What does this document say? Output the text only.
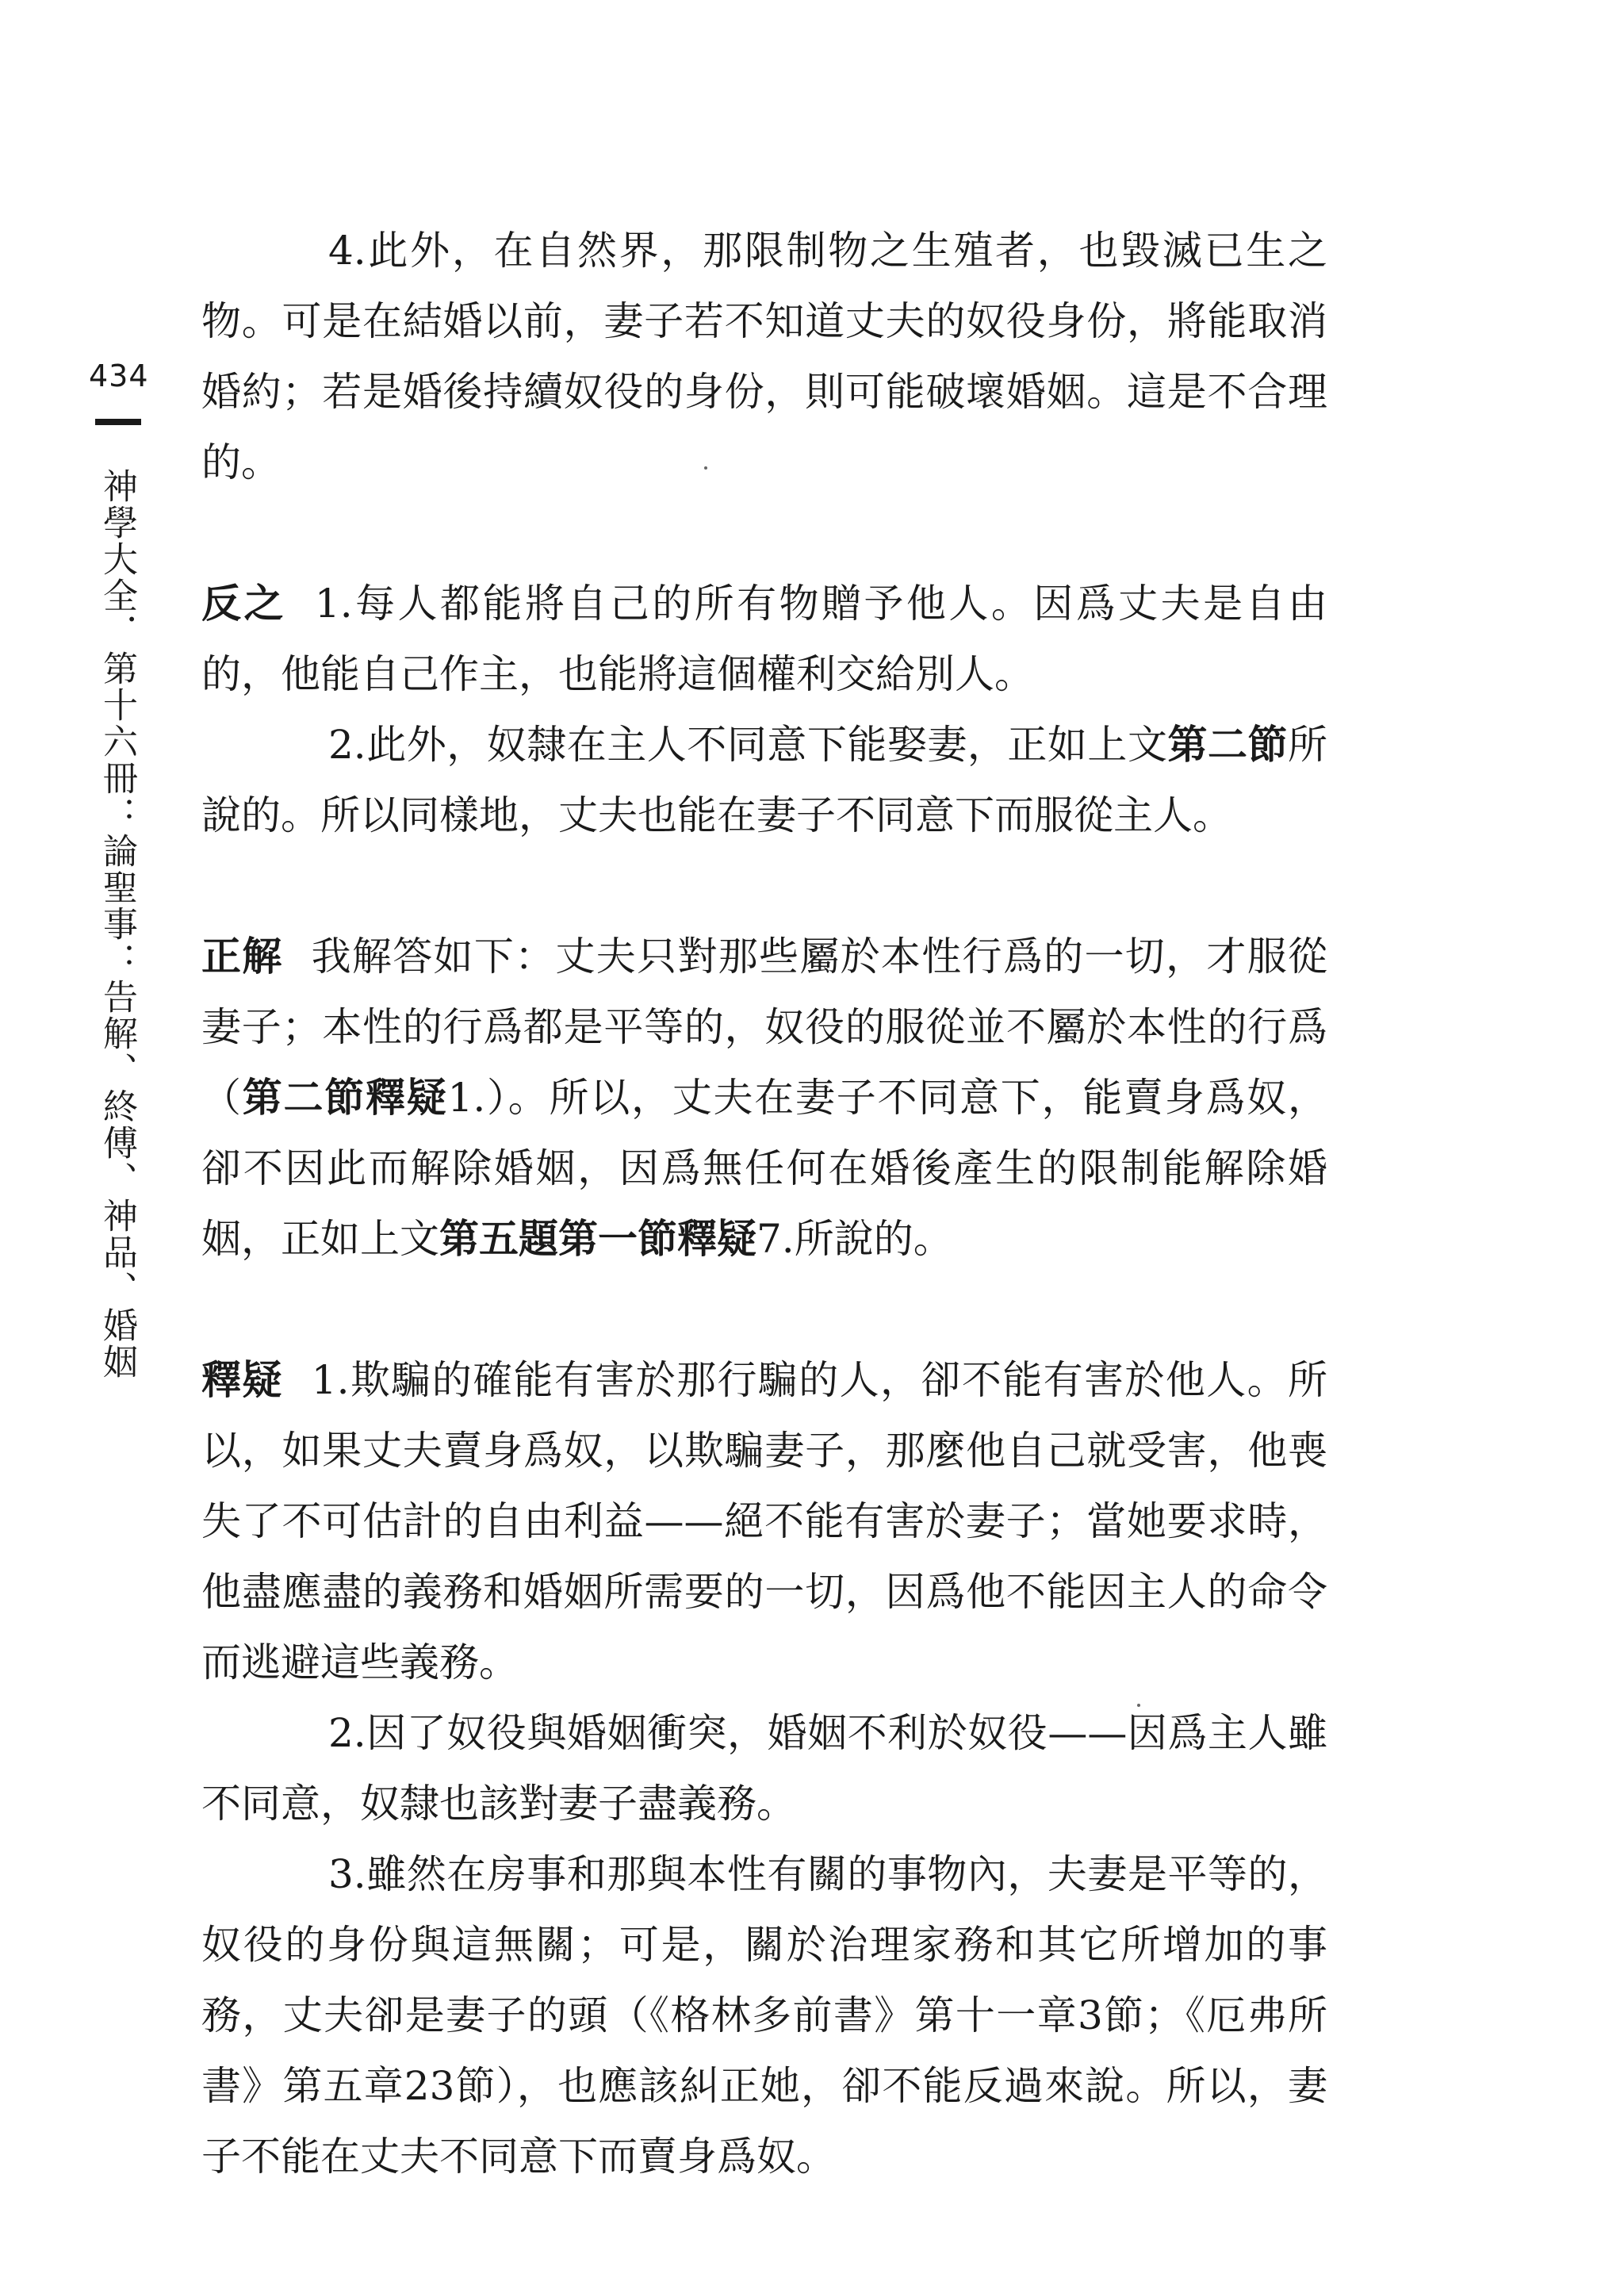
434
神學大全．第十六冊：論聖事：告解、終傅、神品、婚姻

4.此外，在自然界，那限制物之生殖者，也毀滅已生之物。可是在結婚以前，妻子若不知道丈夫的奴役身份，將能取消婚約；若是婚後持續奴役的身份，則可能破壞婚姻。這是不合理的。

反之 1.每人都能將自己的所有物贈予他人。因爲丈夫是自由的，他能自己作主，也能將這個權利交給別人。

2.此外，奴隸在主人不同意下能娶妻，正如上文第二節所說的。所以同樣地，丈夫也能在妻子不同意下而服從主人。

正解 我解答如下：丈夫只對那些屬於本性行爲的一切，才服從妻子；本性的行爲都是平等的，奴役的服從並不屬於本性的行爲（第二節釋疑1.）。所以，丈夫在妻子不同意下，能賣身爲奴，卻不因此而解除婚姻，因爲無任何在婚後產生的限制能解除婚姻，正如上文第五題第一節釋疑7.所說的。

釋疑 1.欺騙的確能有害於那行騙的人，卻不能有害於他人。所以，如果丈夫賣身爲奴，以欺騙妻子，那麼他自己就受害，他喪失了不可估計的自由利益——絕不能有害於妻子；當她要求時，他盡應盡的義務和婚姻所需要的一切，因爲他不能因主人的命令而逃避這些義務。

2.因了奴役與婚姻衝突，婚姻不利於奴役——因爲主人雖不同意，奴隸也該對妻子盡義務。

3.雖然在房事和那與本性有關的事物內，夫妻是平等的，奴役的身份與這無關；可是，關於治理家務和其它所增加的事務，丈夫卻是妻子的頭（《格林多前書》第十一章3節；《厄弗所書》第五章23節），也應該糾正她，卻不能反過來說。所以，妻子不能在丈夫不同意下而賣身爲奴。
